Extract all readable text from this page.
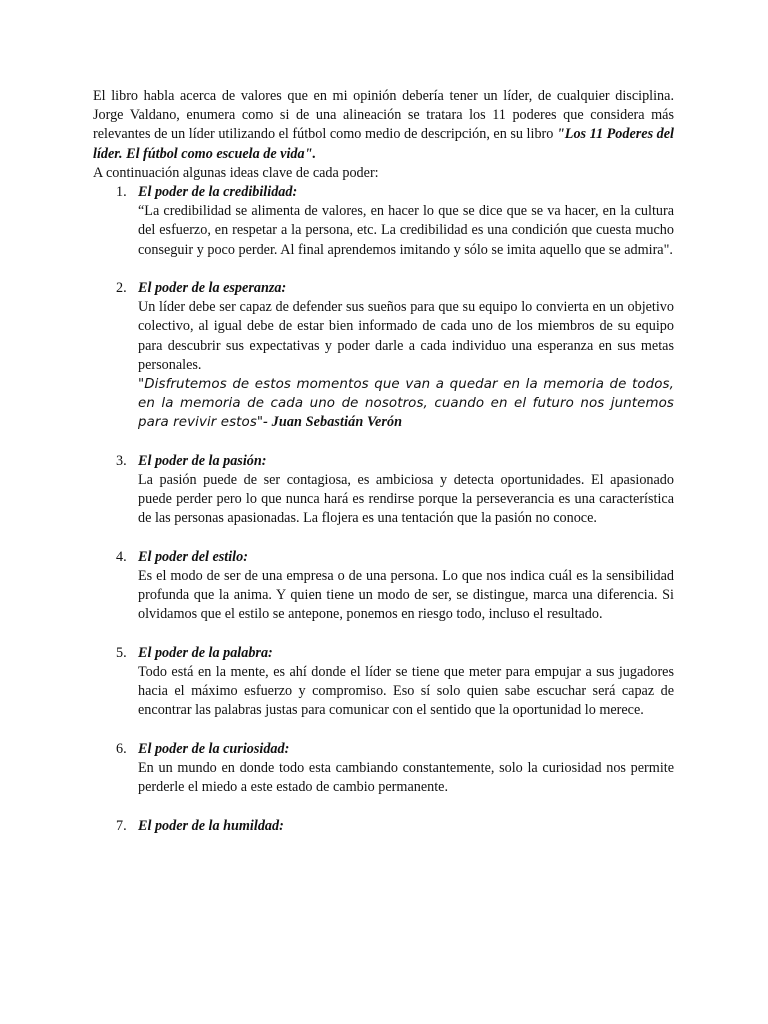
El libro habla acerca de valores que en mi opinión debería tener un líder, de cualquier disciplina. Jorge Valdano, enumera como si de una alineación se tratara los 11 poderes que considera más relevantes de un líder utilizando el fútbol como medio de descripción, en su libro "Los 11 Poderes del líder. El fútbol como escuela de vida".

A continuación algunas ideas clave de cada poder:

1. El poder de la credibilidad:

“La credibilidad se alimenta de valores, en hacer lo que se dice que se va hacer, en la cultura del esfuerzo, en respetar a la persona, etc. La credibilidad es una condición que cuesta mucho conseguir y poco perder. Al final aprendemos imitando y sólo se imita aquello que se admira".

2. El poder de la esperanza:

Un líder debe ser capaz de defender sus sueños para que su equipo lo convierta en un objetivo colectivo, al igual debe de estar bien informado de cada uno de los miembros de su equipo para descubrir sus expectativas y poder darle a cada individuo una esperanza en sus metas personales.

"Disfrutemos de estos momentos que van a quedar en la memoria de todos, en la memoria de cada uno de nosotros, cuando en el futuro nos juntemos para revivir estos"- Juan Sebastián Verón

3. El poder de la pasión:

La pasión puede de ser contagiosa, es ambiciosa y detecta oportunidades. El apasionado puede perder pero lo que nunca hará es rendirse porque la perseverancia es una característica de las personas apasionadas. La flojera es una tentación que la pasión no conoce.

4. El poder del estilo:

Es el modo de ser de una empresa o de una persona. Lo que nos indica cuál es la sensibilidad profunda que la anima. Y quien tiene un modo de ser, se distingue, marca una diferencia. Si olvidamos que el estilo se antepone, ponemos en riesgo todo, incluso el resultado.

5. El poder de la palabra:

Todo está en la mente, es ahí donde el líder se tiene que meter para empujar a sus jugadores hacia el máximo esfuerzo y compromiso. Eso sí solo quien sabe escuchar será capaz de encontrar las palabras justas para comunicar con el sentido que la oportunidad lo merece.

6. El poder de la curiosidad:

En un mundo en donde todo esta cambiando constantemente, solo la curiosidad nos permite perderle el miedo a este estado de cambio permanente.

7. El poder de la humildad:
